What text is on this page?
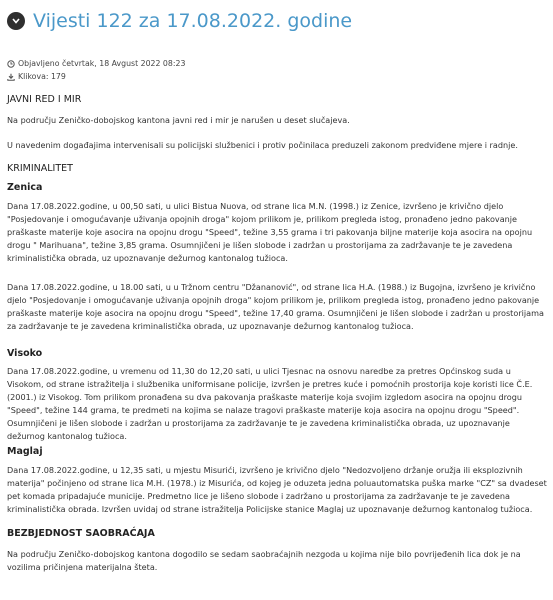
Vijesti 122 za 17.08.2022. godine
Objavljeno četvrtak, 18 Avgust 2022 08:23
Klikova: 179
JAVNI RED I MIR

Na području Zeničko-dobojskog kantona javni red i mir je narušen u deset slučajeva.

U navedenim događajima intervenisali su policijski službenici i protiv počinilaca preduzeli zakonom predviđene mjere i radnje.

KRIMINALITET
Zenica

Dana 17.08.2022.godine, u 00,50 sati, u ulici Bistua Nuova, od strane lica M.N. (1998.) iz Zenice, izvršeno je krivično djelo "Posjedovanje i omogućavanje uživanja opojnih droga" kojom prilikom je, prilikom pregleda istog, pronađeno jedno pakovanje praškaste materije koje asocira na opojnu drogu "Speed", težine 3,55 grama i tri pakovanja biljne materije koja asocira na opojnu drogu " Marihuana", težine 3,85 grama. Osumnjičeni je lišen slobode i zadržan u prostorijama za zadržavanje te je zavedena kriminalistička obrada, uz upoznavanje dežurnog kantonalog tužioca.

Dana 17.08.2022.godine, u 18.00 sati, u u Tržnom centru "Džananović", od strane lica H.A. (1988.) iz Bugojna, izvršeno je krivično djelo "Posjedovanje i omogućavanje uživanja opojnih droga" kojom prilikom je, prilikom pregleda istog, pronađeno jedno pakovanje praškaste materije koje asocira na opojnu drogu "Speed", težine 17,40 grama. Osumnjičeni je lišen slobode i zadržan u prostorijama za zadržavanje te je zavedena kriminalistička obrada, uz upoznavanje dežurnog kantonalog tužioca.

Visoko

Dana 17.08.2022.godine, u vremenu od 11,30 do 12,20 sati, u ulici Tjesnac na osnovu naredbe za pretres Općinskog suda u Visokom, od strane istražitelja i službenika uniformisane policije, izvršen je pretres kuće i pomoćnih prostorija koje koristi lice Č.E. (2001.) iz Visokog. Tom prilikom pronađena su dva pakovanja praškaste materije koja svojim izgledom asocira na opojnu drogu "Speed", težine 144 grama, te predmeti na kojima se nalaze tragovi praškaste materije koja asocira na opojnu drogu "Speed". Osumnjičeni je lišen slobode i zadržan u prostorijama za zadržavanje te je zavedena kriminalistička obrada, uz upoznavanje dežurnog kantonalog tužioca.

Maglaj

Dana 17.08.2022.godine, u 12,35 sati, u mjestu Misurići, izvršeno je krivično djelo "Nedozvoljeno držanje oružja ili eksplozivnih materija" počinjeno od strane lica M.H. (1978.) iz Misurića, od kojeg je oduzeta jedna poluautomatska puška marke "CZ" sa dvadeset pet komada pripadajuće municije. Predmetno lice je lišeno slobode i zadržano u prostorijama za zadržavanje te je zavedena kriminalistička obrada. Izvršen uvidaj od strane istražitelja Policijske stanice Maglaj uz upoznavanje dežurnog kantonalog tužioca.

BEZBJEDNOST SAOBRAĆAJA

Na području Zeničko-dobojskog kantona dogodilo se sedam saobraćajnih nezgoda u kojima nije bilo povrijeđenih lica dok je na vozilima pričinjena materijalna šteta.
